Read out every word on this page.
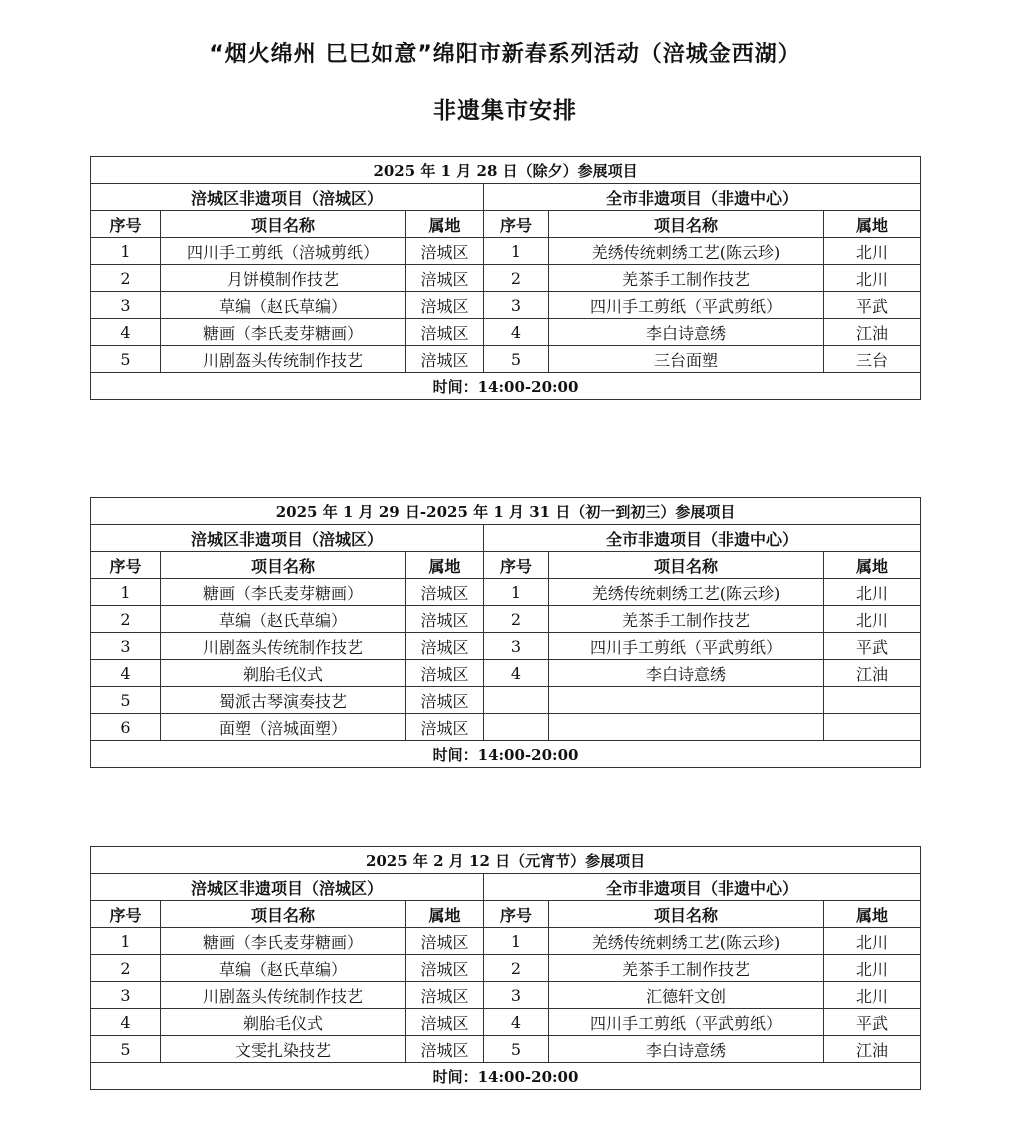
“烟火绵州 巳巳如意”绵阳市新春系列活动（涪城金西湖）
非遗集市安排
2025 年 1 月 28 日（除夕）参展项目					
涪城区非遗项目（涪城区）			全市非遗项目（非遗中心）		
序号	项目名称	属地	序号	项目名称	属地
1	四川手工剪纸（涪城剪纸）	涪城区	1	羌绣传统刺绣工艺(陈云珍)	北川
2	月饼模制作技艺	涪城区	2	羌茶手工制作技艺	北川
3	草编（赵氏草编）	涪城区	3	四川手工剪纸（平武剪纸）	平武
4	糖画（李氏麦芽糖画）	涪城区	4	李白诗意绣	江油
5	川剧盔头传统制作技艺	涪城区	5	三台面塑	三台
时间：14:00-20:00					
2025 年 1 月 29 日-2025 年 1 月 31 日（初一到初三）参展项目					
涪城区非遗项目（涪城区）			全市非遗项目（非遗中心）		
序号	项目名称	属地	序号	项目名称	属地
1	糖画（李氏麦芽糖画）	涪城区	1	羌绣传统刺绣工艺(陈云珍)	北川
2	草编（赵氏草编）	涪城区	2	羌茶手工制作技艺	北川
3	川剧盔头传统制作技艺	涪城区	3	四川手工剪纸（平武剪纸）	平武
4	剃胎毛仪式	涪城区	4	李白诗意绣	江油
5	蜀派古琴演奏技艺	涪城区			
6	面塑（涪城面塑）	涪城区			
时间：14:00-20:00					
2025 年 2 月 12 日（元宵节）参展项目					
涪城区非遗项目（涪城区）			全市非遗项目（非遗中心）		
序号	项目名称	属地	序号	项目名称	属地
1	糖画（李氏麦芽糖画）	涪城区	1	羌绣传统刺绣工艺(陈云珍)	北川
2	草编（赵氏草编）	涪城区	2	羌茶手工制作技艺	北川
3	川剧盔头传统制作技艺	涪城区	3	汇德轩文创	北川
4	剃胎毛仪式	涪城区	4	四川手工剪纸（平武剪纸）	平武
5	文雯扎染技艺	涪城区	5	李白诗意绣	江油
时间：14:00-20:00					
